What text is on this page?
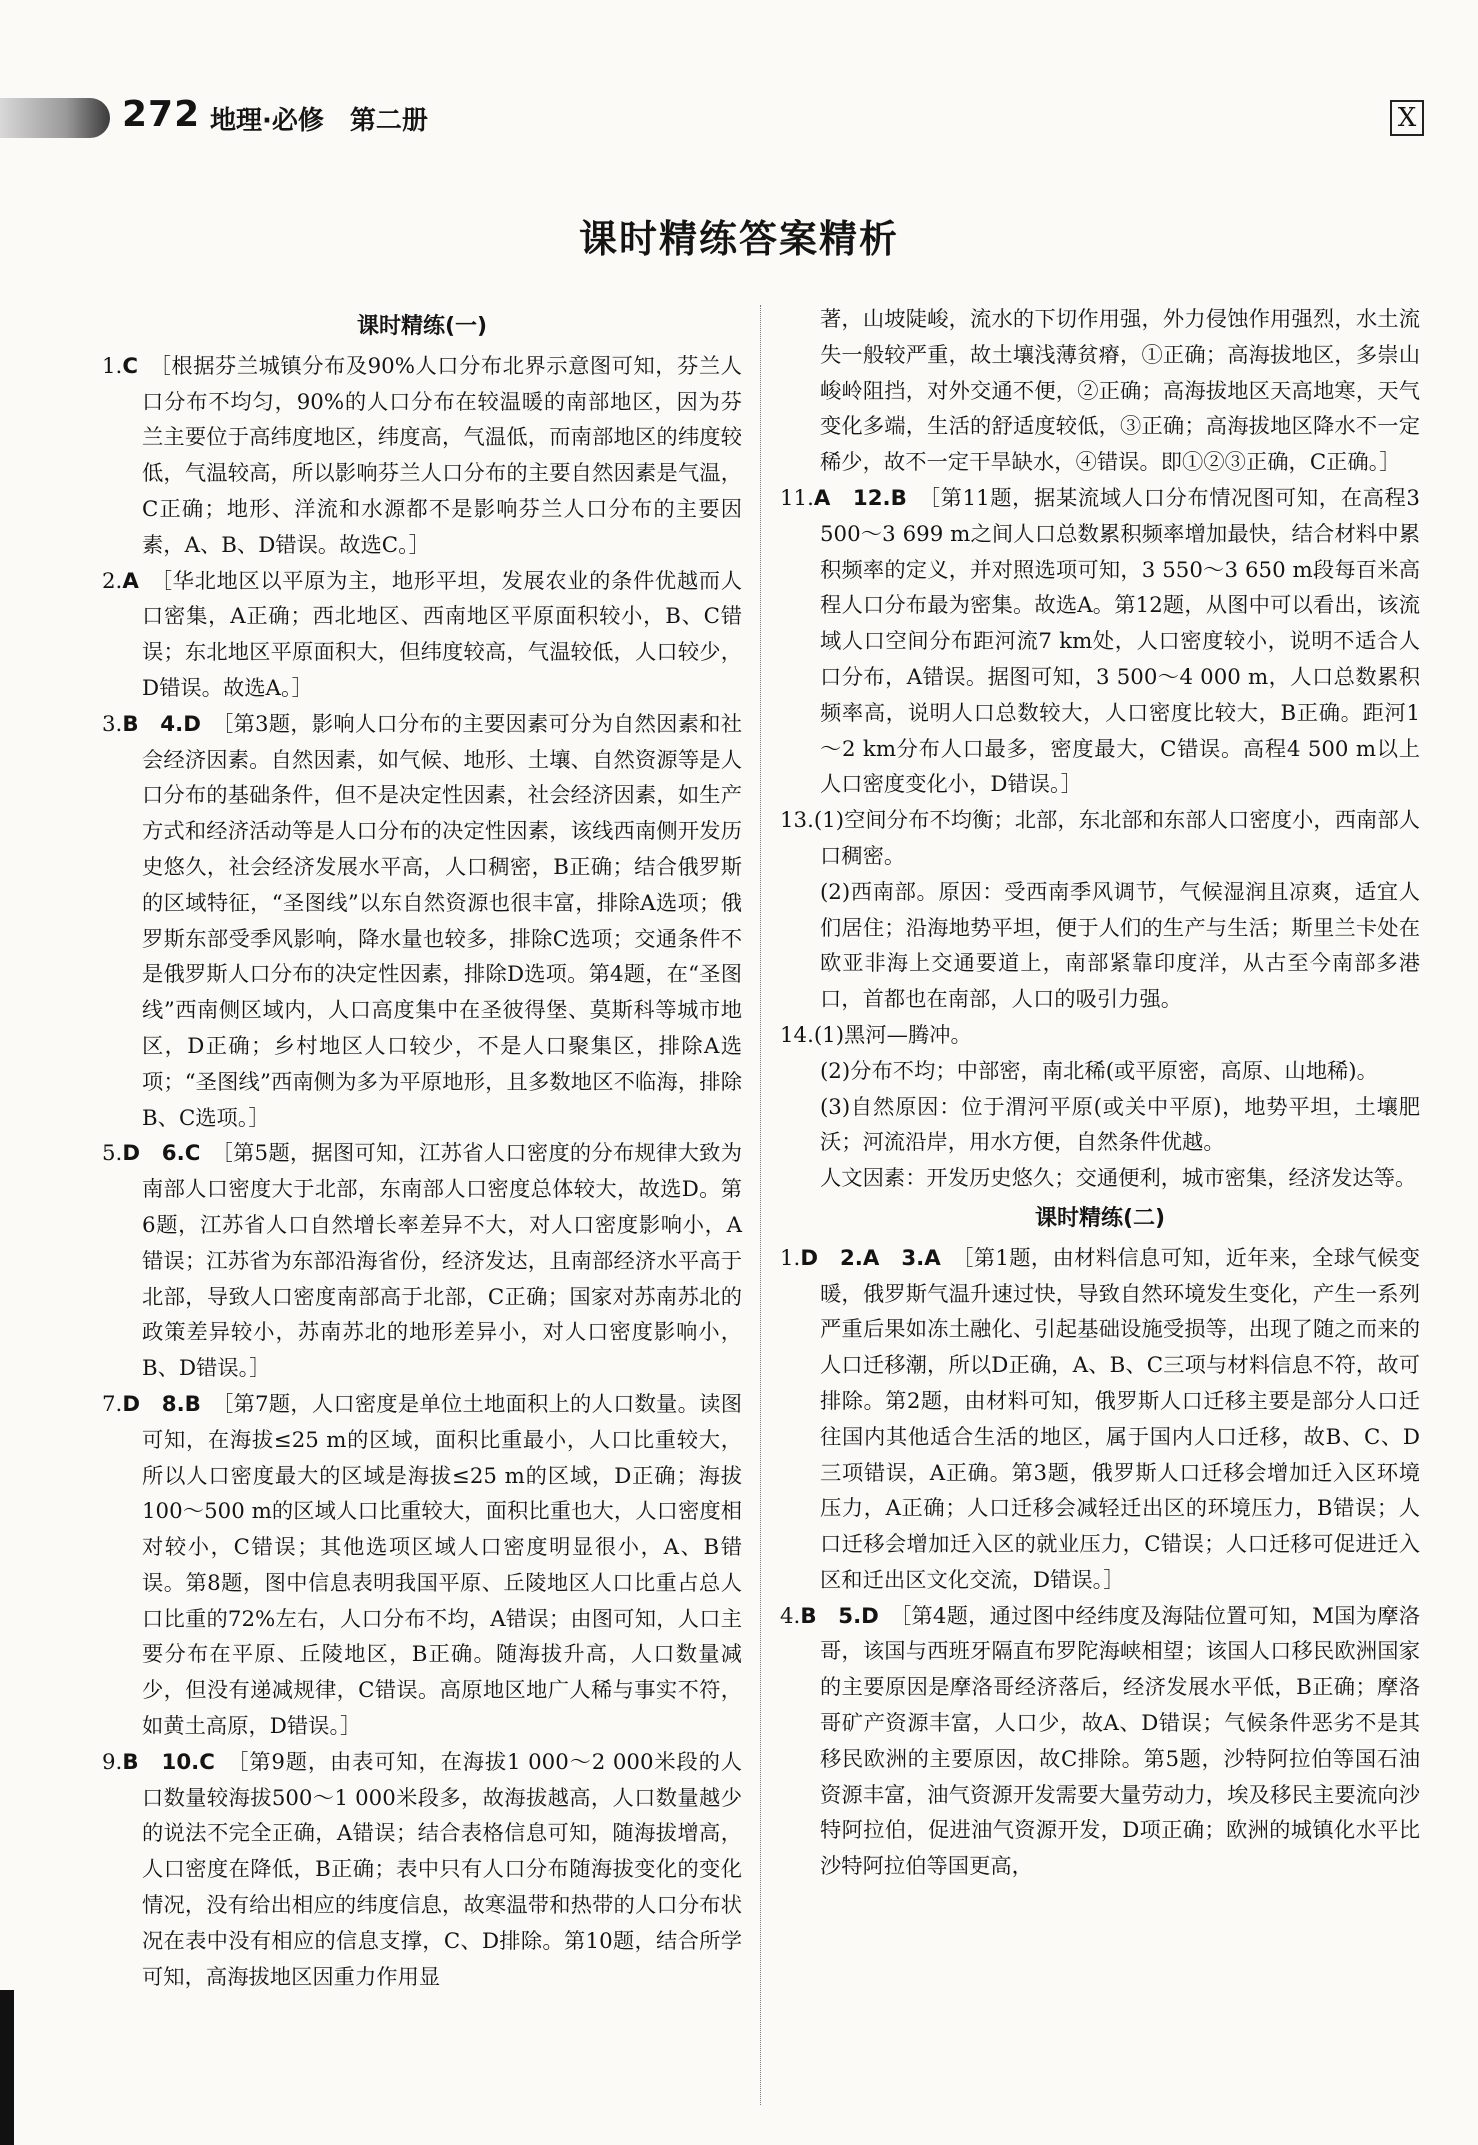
272 地理·必修　第二册	X
课时精练答案精析
课时精练(一)

1.C　 ［根据芬兰城镇分布及90%人口分布北界示意图可知，芬兰人口分布不均匀，90%的人口分布在较温暖的南部地区，因为芬兰主要位于高纬度地区，纬度高，气温低，而南部地区的纬度较低，气温较高，所以影响芬兰人口分布的主要自然因素是气温，C正确；地形、洋流和水源都不是影响芬兰人口分布的主要因素，A、B、D错误。故选C。］

2.A　 ［华北地区以平原为主，地形平坦，发展农业的条件优越而人口密集，A正确；西北地区、西南地区平原面积较小，B、C错误；东北地区平原面积大，但纬度较高，气温较低，人口较少，D错误。故选A。］

3.B　4.D　 ［第3题，影响人口分布的主要因素可分为自然因素和社会经济因素。自然因素，如气候、地形、土壤、自然资源等是人口分布的基础条件，但不是决定性因素，社会经济因素，如生产方式和经济活动等是人口分布的决定性因素，该线西南侧开发历史悠久，社会经济发展水平高，人口稠密，B正确；结合俄罗斯的区域特征，“圣图线”以东自然资源也很丰富，排除A选项；俄罗斯东部受季风影响，降水量也较多，排除C选项；交通条件不是俄罗斯人口分布的决定性因素，排除D选项。第4题，在“圣图线”西南侧区域内，人口高度集中在圣彼得堡、莫斯科等城市地区，D正确；乡村地区人口较少，不是人口聚集区，排除A选项；“圣图线”西南侧为多为平原地形，且多数地区不临海，排除B、C选项。］

5.D　6.C　 ［第5题，据图可知，江苏省人口密度的分布规律大致为南部人口密度大于北部，东南部人口密度总体较大，故选D。第6题，江苏省人口自然增长率差异不大，对人口密度影响小，A错误；江苏省为东部沿海省份，经济发达，且南部经济水平高于北部，导致人口密度南部高于北部，C正确；国家对苏南苏北的政策差异较小，苏南苏北的地形差异小，对人口密度影响小，B、D错误。］

7.D　8.B　 ［第7题，人口密度是单位土地面积上的人口数量。读图可知，在海拔≤25 m的区域，面积比重最小，人口比重较大，所以人口密度最大的区域是海拔≤25 m的区域，D正确；海拔100～500 m的区域人口比重较大，面积比重也大，人口密度相对较小，C错误；其他选项区域人口密度明显很小，A、B错误。第8题，图中信息表明我国平原、丘陵地区人口比重占总人口比重的72%左右，人口分布不均，A错误；由图可知，人口主要分布在平原、丘陵地区，B正确。随海拔升高，人口数量减少，但没有递减规律，C错误。高原地区地广人稀与事实不符，如黄土高原，D错误。］

9.B　10.C　 ［第9题，由表可知，在海拔1 000～2 000米段的人口数量较海拔500～1 000米段多，故海拔越高，人口数量越少的说法不完全正确，A错误；结合表格信息可知，随海拔增高，人口密度在降低，B正确；表中只有人口分布随海拔变化的变化情况，没有给出相应的纬度信息，故寒温带和热带的人口分布状况在表中没有相应的信息支撑，C、D排除。第10题，结合所学可知，高海拔地区因重力作用显

著，山坡陡峻，流水的下切作用强，外力侵蚀作用强烈，水土流失一般较严重，故土壤浅薄贫瘠，①正确；高海拔地区，多崇山峻岭阻挡，对外交通不便，②正确；高海拔地区天高地寒，天气变化多端，生活的舒适度较低，③正确；高海拔地区降水不一定稀少，故不一定干旱缺水，④错误。即①②③正确，C正确。］

11.A　12.B　 ［第11题，据某流域人口分布情况图可知，在高程3 500～3 699 m之间人口总数累积频率增加最快，结合材料中累积频率的定义，并对照选项可知，3 550～3 650 m段每百米高程人口分布最为密集。故选A。第12题，从图中可以看出，该流域人口空间分布距河流7 km处，人口密度较小，说明不适合人口分布，A错误。据图可知，3 500～4 000 m，人口总数累积频率高，说明人口总数较大，人口密度比较大，B正确。距河1～2 km分布人口最多，密度最大，C错误。高程4 500 m以上人口密度变化小，D错误。］

13.(1)空间分布不均衡；北部，东北部和东部人口密度小，西南部人口稠密。

(2)西南部。原因：受西南季风调节，气候湿润且凉爽，适宜人们居住；沿海地势平坦，便于人们的生产与生活；斯里兰卡处在欧亚非海上交通要道上，南部紧靠印度洋，从古至今南部多港口，首都也在南部，人口的吸引力强。

14.(1)黑河—腾冲。

(2)分布不均；中部密，南北稀(或平原密，高原、山地稀)。

(3)自然原因：位于渭河平原(或关中平原)，地势平坦，土壤肥沃；河流沿岸，用水方便，自然条件优越。

人文因素：开发历史悠久；交通便利，城市密集，经济发达等。

课时精练(二)

1.D　2.A　3.A　 ［第1题，由材料信息可知，近年来，全球气候变暖，俄罗斯气温升速过快，导致自然环境发生变化，产生一系列严重后果如冻土融化、引起基础设施受损等，出现了随之而来的人口迁移潮，所以D正确，A、B、C三项与材料信息不符，故可排除。第2题，由材料可知，俄罗斯人口迁移主要是部分人口迁往国内其他适合生活的地区，属于国内人口迁移，故B、C、D三项错误，A正确。第3题，俄罗斯人口迁移会增加迁入区环境压力，A正确；人口迁移会减轻迁出区的环境压力，B错误；人口迁移会增加迁入区的就业压力，C错误；人口迁移可促进迁入区和迁出区文化交流，D错误。］

4.B　5.D　 ［第4题，通过图中经纬度及海陆位置可知，M国为摩洛哥，该国与西班牙隔直布罗陀海峡相望；该国人口移民欧洲国家的主要原因是摩洛哥经济落后，经济发展水平低，B正确；摩洛哥矿产资源丰富，人口少，故A、D错误；气候条件恶劣不是其移民欧洲的主要原因，故C排除。第5题，沙特阿拉伯等国石油资源丰富，油气资源开发需要大量劳动力，埃及移民主要流向沙特阿拉伯，促进油气资源开发，D项正确；欧洲的城镇化水平比沙特阿拉伯等国更高，
